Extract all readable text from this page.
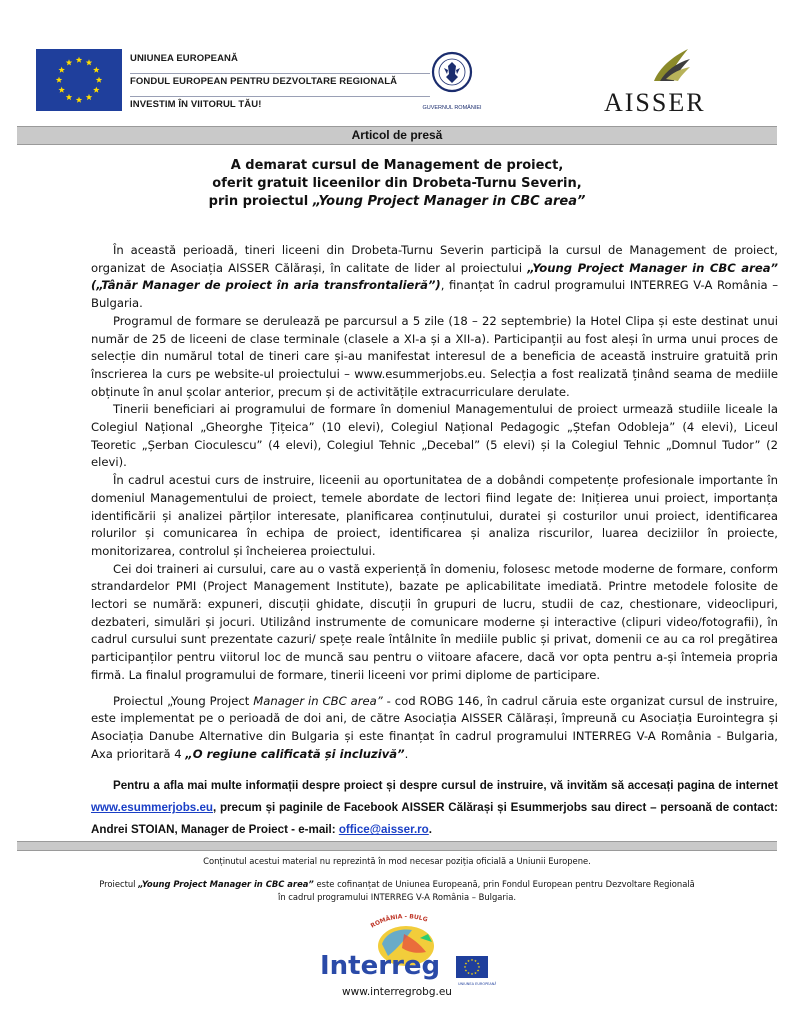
UNIUNEA EUROPEANĂ
FONDUL EUROPEAN PENTRU DEZVOLTARE REGIONALĂ
INVESTIM ÎN VIITORUL TĂU!	GUVERNUL ROMÂNIEI	AISSER
Articol de presă
A demarat cursul de Management de proiect,
oferit gratuit liceenilor din Drobeta-Turnu Severin,
prin proiectul „Young Project Manager in CBC area”

În această perioadă, tineri liceeni din Drobeta-Turnu Severin participă la cursul de Management de proiect, organizat de Asociația AISSER Călărași, în calitate de lider al proiectului „Young Project Manager in CBC area” („Tânăr Manager de proiect în aria transfrontalieră”), finanțat în cadrul programului INTERREG V-A România – Bulgaria.

Programul de formare se derulează pe parcursul a 5 zile (18 – 22 septembrie) la Hotel Clipa și este destinat unui număr de 25 de liceeni de clase terminale (clasele a XI-a și a XII-a). Participanții au fost aleși în urma unui proces de selecție din numărul total de tineri care și-au manifestat interesul de a beneficia de această instruire gratuită prin înscrierea la curs pe website-ul proiectului – www.esummerjobs.eu. Selecția a fost realizată ținând seama de mediile obținute în anul școlar anterior, precum și de activitățile extracurriculare derulate.

Tinerii beneficiari ai programului de formare în domeniul Managementului de proiect urmează studiile liceale la Colegiul Național „Gheorghe Țițeica” (10 elevi), Colegiul Național Pedagogic „Ștefan Odobleja” (4 elevi), Liceul Teoretic „Șerban Cioculescu” (4 elevi), Colegiul Tehnic „Decebal” (5 elevi) și la Colegiul Tehnic „Domnul Tudor” (2 elevi).

În cadrul acestui curs de instruire, liceenii au oportunitatea de a dobândi competențe profesionale importante în domeniul Managementului de proiect, temele abordate de lectori fiind legate de: Inițierea unui proiect, importanța identificării și analizei părților interesate, planificarea conținutului, duratei și costurilor unui proiect, identificarea rolurilor și comunicarea în echipa de proiect, identificarea și analiza riscurilor, luarea deciziilor în proiecte, monitorizarea, controlul și încheierea proiectului.

Cei doi traineri ai cursului, care au o vastă experiență în domeniu, folosesc metode moderne de formare, conform strandardelor PMI (Project Management Institute), bazate pe aplicabilitate imediată. Printre metodele folosite de lectori se numără: expuneri, discuții ghidate, discuții în grupuri de lucru, studii de caz, chestionare, videoclipuri, dezbateri, simulări și jocuri. Utilizând instrumente de comunicare moderne și interactive (clipuri video/fotografii), în cadrul cursului sunt prezentate cazuri/ spețe reale întâlnite în mediile public și privat, domenii ce au ca rol pregătirea participanților pentru viitorul loc de muncă sau pentru o viitoare afacere, dacă vor opta pentru a-și întemeia propria firmă. La finalul programului de formare, tinerii liceeni vor primi diplome de participare.

Proiectul „Young Project Manager in CBC area” - cod ROBG 146, în cadrul căruia este organizat cursul de instruire, este implementat pe o perioadă de doi ani, de către Asociația AISSER Călărași, împreună cu Asociația Eurointegra și Asociația Danube Alternative din Bulgaria și este finanțat în cadrul programului INTERREG V-A România - Bulgaria, Axa prioritară 4 „O regiune calificată și incluzivă”.

Pentru a afla mai multe informații despre proiect și despre cursul de instruire, vă invităm să accesați pagina de internet www.esummerjobs.eu, precum și paginile de Facebook AISSER Călărași și Esummerjobs sau direct – persoană de contact: Andrei STOIAN, Manager de Proiect - e-mail: office@aisser.ro.

Conținutul acestui material nu reprezintă în mod necesar poziția oficială a Uniunii Europene.
Proiectul „Young Project Manager in CBC area” este cofinanțat de Uniunea Europeană, prin Fondul European pentru Dezvoltare Regională
în cadrul programului INTERREG V-A România – Bulgaria.
ROMÂNIA - BULG
Interreg
UNIUNEA EUROPEANĂ
www.interregrobg.eu
